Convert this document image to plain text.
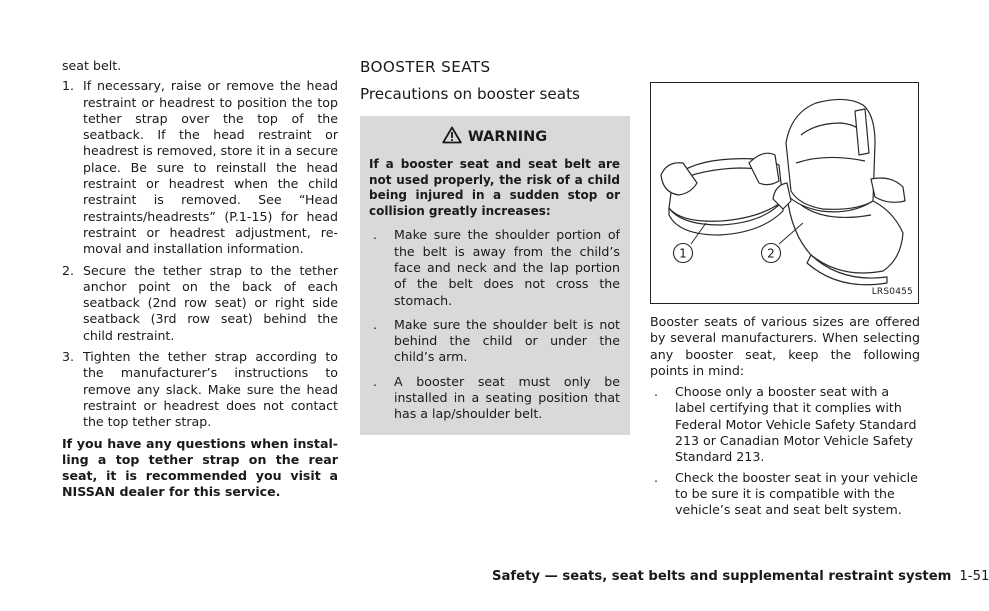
seat belt.

1. If necessary, raise or remove the head restraint or headrest to position the top tether strap over the top of the seatback. If the head restraint or headrest is removed, store it in a secure place. Be sure to reinstall the head restraint or headrest when the child restraint is removed. See “Head restraints/headrests” (P.1-15) for head restraint or headrest adjustment, re-moval and installation information.
2. Secure the tether strap to the tether anchor point on the back of each seatback (2nd row seat) or right side seatback (3rd row seat) behind the child restraint.
3. Tighten the tether strap according to the manufacturer’s instructions to remove any slack. Make sure the head restraint or headrest does not contact the top tether strap.

If you have any questions when instal-ling a top tether strap on the rear seat, it is recommended you visit a NISSAN dealer for this service.

BOOSTER SEATS
Precautions on booster seats
WARNING

If a booster seat and seat belt are not used properly, the risk of a child being injured in a sudden stop or collision greatly increases:

. Make sure the shoulder portion of the belt is away from the child’s face and neck and the lap portion of the belt does not cross the stomach.
. Make sure the shoulder belt is not behind the child or under the child’s arm.
. A booster seat must only be installed in a seating position that has a lap/shoulder belt.
1	2
LRS0455

Booster seats of various sizes are offered by several manufacturers. When selecting any booster seat, keep the following points in mind:

. Choose only a booster seat with a label certifying that it complies with Federal Motor Vehicle Safety Standard 213 or Canadian Motor Vehicle Safety Standard 213.
. Check the booster seat in your vehicle to be sure it is compatible with the vehicle’s seat and seat belt system.
Safety — seats, seat belts and supplemental restraint system 1-51
